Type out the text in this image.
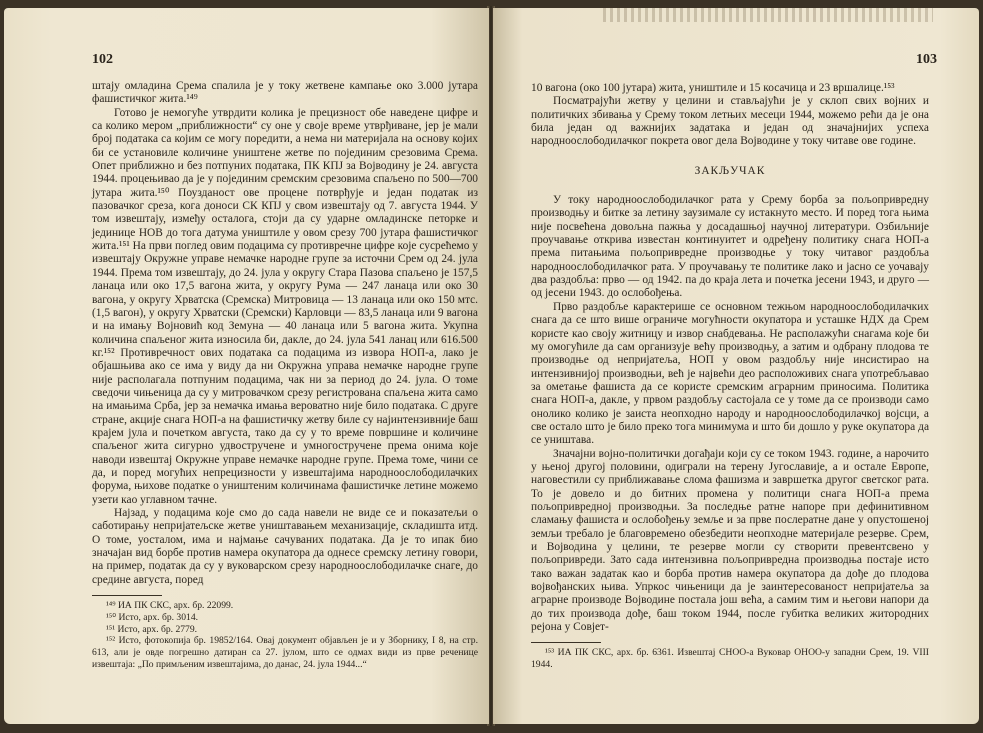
102

штају омладина Срема спалила је у току жетвене кампање око 3.000 јутара фашистичког жита.¹⁴⁹

Готово је немогуће утврдити колика је прецизност обе наведене цифре и са колико мером „приближности“ су оне у своје време утврђиване, јер је мали број података са којим се могу поредити, а нема ни материјала на основу којих би се установиле количине уништене жетве по појединим срезовима Срема. Опет приближно и без потпуних података, ПК КПЈ за Војводину је 24. августа 1944. процењивао да је у појединим сремским срезовима спаљено по 500—700 јутара жита.¹⁵⁰ Поузданост ове процене потврђује и један податак из пазовачког среза, кога доноси СК КПЈ у свом извештају од 7. августа 1944. У том извештају, између осталога, стоји да су ударне омладинске петорке и јединице НОВ до тога датума уништиле у овом срезу 700 јутара фашистичког жита.¹⁵¹ На први поглед овим подацима су противречне цифре које сусрећемо у извештају Окружне управе немачке народне групе за источни Срем од 24. јула 1944. Према том извештају, до 24. јула у округу Стара Пазова спаљено је 157,5 ланаца или око 17,5 вагона жита, у округу Рума — 247 ланаца или око 30 вагона, у округу Хрватска (Сремска) Митровица — 13 ланаца или око 150 мтс. (1,5 вагон), у округу Хрватски (Сремски) Карловци — 83,5 ланаца или 9 вагона и на имању Војновић код Земуна — 40 ланаца или 5 вагона жита. Укупна количина спаљеног жита износила би, дакле, до 24. јула 541 ланац или 616.500 кг.¹⁵² Противречност ових података са подацима из извора НОП-а, лако је објашњива ако се има у виду да ни Окружна управа немачке народне групе није располагала потпуним подацима, чак ни за период до 24. јула. О томе сведочи чињеница да су у митровачком срезу регистрована спаљена жита само на имањима Срба, јер за немачка имања вероватно није било података. С друге стране, акције снага НОП-а на фашистичку жетву биле су најинтензивније баш крајем јула и почетком августа, тако да су у то време површине и количине спаљеног жита сигурно удвостручене и умногостручене према онима које наводи извештај Окружне управе немачке народне групе. Према томе, чини се да, и поред могућих непрецизности у извештајима народноослободилачких форума, њихове податке о уништеним количинама фашистичке летине можемо узети као углавном тачне.

Најзад, у подацима које смо до сада навели не виде се и показатељи о саботирању непријатељске жетве уништавањем механизације, складишта итд. О томе, уосталом, има и најмање сачуваних података. Да је то ипак био значајан вид борбе против намера окупатора да однесе сремску летину говори, на пример, податак да су у вуковарском срезу народноослободилачке снаге, до средине августа, поред

¹⁴⁹ ИА ПК СКС, арх. бр. 22099.

¹⁵⁰ Исто, арх. бр. 3014.

¹⁵¹ Исто, арх. бр. 2779.

¹⁵² Исто, фотокопија бр. 19852/164. Овај документ објављен је и у Зборнику, I 8, на стр. 613, али је овде погрешно датиран са 27. јулом, што се одмах види из прве реченице извештаја: „По примљеним извештајима, до данас, 24. јула 1944...“

103

10 вагона (око 100 јутара) жита, уништиле и 15 косачица и 23 вршалице.¹⁵³

Посматрајући жетву у целини и стављајући је у склоп свих војних и политичких збивања у Срему током летњих месеци 1944, можемо рећи да је она била један од важнијих задатака и један од значајнијих успеха народноослободилачког покрета овог дела Војводине у току читаве ове године.

ЗАКЉУЧАК

У току народноослободилачког рата у Срему борба за пољопривредну производњу и битке за летину заузимале су истакнуто место. И поред тога њима није посвећена довољна пажња у досадашњој научној литератури. Озбиљније проучавање открива известан континуитет и одређену политику снага НОП-а према питањима пољопривредне производње у току читавог раздобља народноослободилачког рата. У проучавању те политике лако и јасно се уочавају два раздобља: прво — од 1942. па до краја лета и почетка јесени 1943, и друго — од јесени 1943. до ослобођења.

Прво раздобље карактерише се основном тежњом народноослободилачких снага да се што више ограниче могућности окупатора и усташке НДХ да Срем користе као своју житницу и извор снабдевања. Не располажући снагама које би му омогућиле да сам организује већу производњу, а затим и одбрану плодова те производње од непријатеља, НОП у овом раздобљу није инсистирао на интензивнијој производњи, већ је највећи део расположивих снага употребљавао за ометање фашиста да се користе сремским аграрним приносима. Политика снага НОП-а, дакле, у првом раздобљу састојала се у томе да се производи само онолико колико је заиста неопходно народу и народноослободилачкој војсци, а све остало што је било преко тога минимума и што би дошло у руке окупатора да се уништава.

Значајни војно-политички догађаји који су се током 1943. године, а нарочито у њеној другој половини, одиграли на терену Југославије, а и осталe Европе, наговестили су приближавање слома фашизма и завршетка другог светског рата. То је довело и до битних промена у политици снага НОП-а према пољопривредној производњи. За последње ратне напоре при дефинитивном сламању фашиста и ослобођењу земље и за прве послератне дане у опустошеној земљи требало је благовремено обезбедити неопходне материјале резерве. Срем, и Војводина у целини, те резерве могли су створити превентсвено у пољопривреди. Зато сада интензивна пољопривредна производња постаје исто тако важан задатак као и борба против намера окупатора да дође до плодова војвођанских њива. Упркос чињеници да је заинтересованост непријатеља за аграрне производе Војводине постала још већа, а самим тим и његови напори да до тих производа дође, баш током 1944, после губитка великих житородних рејона у Совјет-

¹⁵³ ИА ПК СКС, арх. бр. 6361. Извештај СНОО-а Вуковар ОНОО-у западни Срем, 19. VIII 1944.
